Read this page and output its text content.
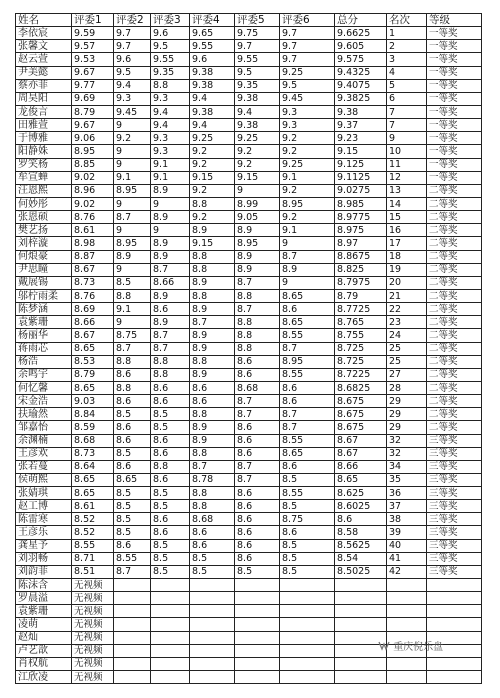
姓名	评委1	评委2	评委3	评委4	评委5	评委6	总分	名次	等级
李依宸	9.59	9.7	9.6	9.65	9.75	9.7	9.6625	1	一等奖
张馨文	9.57	9.7	9.5	9.55	9.7	9.7	9.605	2	一等奖
赵云萱	9.53	9.6	9.55	9.6	9.55	9.7	9.575	3	一等奖
尹美懿	9.67	9.5	9.35	9.38	9.5	9.25	9.4325	4	一等奖
蔡亦菲	9.77	9.4	8.8	9.38	9.35	9.5	9.4075	5	一等奖
周昊阳	9.69	9.3	9.3	9.4	9.38	9.45	9.3825	6	一等奖
龙俊言	8.79	9.45	9.4	9.38	9.4	9.3	9.38	7	一等奖
田雅萱	9.67	9	9.4	9.4	9.38	9.3	9.37	7	一等奖
于博雅	9.06	9.2	9.3	9.25	9.25	9.2	9.23	9	一等奖
阳静姝	8.95	9	9.3	9.2	9.2	9.2	9.15	10	一等奖
罗笑杨	8.85	9	9.1	9.2	9.2	9.25	9.125	11	一等奖
牟宣蝉	9.02	9.1	9.1	9.15	9.15	9.1	9.1125	12	一等奖
汪恩熙	8.96	8.95	8.9	9.2	9	9.2	9.0275	13	二等奖
何妙彤	9.02	9	9	8.8	8.99	8.95	8.985	14	二等奖
张恩硕	8.76	8.7	8.9	9.2	9.05	9.2	8.9775	15	二等奖
樊艺扬	8.61	9	9	8.9	8.9	9.1	8.975	16	二等奖
刘梓漩	8.98	8.95	8.9	9.15	8.95	9	8.97	17	二等奖
何烺豪	8.87	8.9	8.9	8.8	8.9	8.7	8.8675	18	二等奖
尹思瞳	8.67	9	8.7	8.8	8.9	8.9	8.825	19	二等奖
戴展锡	8.73	8.5	8.66	8.9	8.7	9	8.7975	20	二等奖
邬柠雨柔	8.76	8.8	8.9	8.8	8.8	8.65	8.79	21	二等奖
陈梦涵	8.69	9.1	8.6	8.9	8.7	8.6	8.7725	22	二等奖
袁紫珊	8.66	9	8.9	8.7	8.8	8.65	8.765	23	二等奖
杨丽华	8.67	8.75	8.7	8.9	8.8	8.55	8.755	24	二等奖
蒋雨芯	8.65	8.7	8.7	8.9	8.8	8.7	8.725	25	二等奖
杨浩	8.53	8.8	8.8	8.8	8.6	8.95	8.725	25	二等奖
余鸣宇	8.79	8.6	8.8	8.9	8.6	8.55	8.7225	27	二等奖
何忆馨	8.65	8.8	8.6	8.6	8.68	8.6	8.6825	28	二等奖
宋金浩	9.03	8.6	8.6	8.6	8.7	8.6	8.675	29	二等奖
扶瑜然	8.84	8.5	8.5	8.8	8.7	8.7	8.675	29	二等奖
邹嘉怡	8.59	8.6	8.5	8.9	8.6	8.7	8.675	29	二等奖
余渊楠	8.68	8.6	8.6	8.9	8.6	8.55	8.67	32	三等奖
王彦欢	8.73	8.5	8.6	8.8	8.6	8.65	8.67	32	三等奖
张若蔓	8.64	8.6	8.8	8.7	8.7	8.6	8.66	34	三等奖
侯萌熙	8.65	8.65	8.6	8.78	8.7	8.5	8.65	35	三等奖
张婧琪	8.65	8.5	8.5	8.8	8.6	8.55	8.625	36	三等奖
赵工博	8.61	8.5	8.5	8.8	8.6	8.5	8.6025	37	三等奖
陈雷寒	8.52	8.5	8.6	8.68	8.6	8.75	8.6	38	三等奖
王彦乐	8.52	8.5	8.6	8.6	8.6	8.6	8.58	39	三等奖
龚星予	8.55	8.6	8.5	8.6	8.6	8.5	8.5625	40	三等奖
刘羽畅	8.71	8.55	8.5	8.5	8.6	8.5	8.54	41	三等奖
刘韵菲	8.51	8.7	8.5	8.5	8.5	8.5	8.5025	42	三等奖
陈沫含	无视频								
罗晨溢	无视频								
袁紫珊	无视频								
凌萌	无视频								
赵灿	无视频								
卢艺歆	无视频								
肖权航	无视频								
江欣凌	无视频								
重庆倪乐盘
